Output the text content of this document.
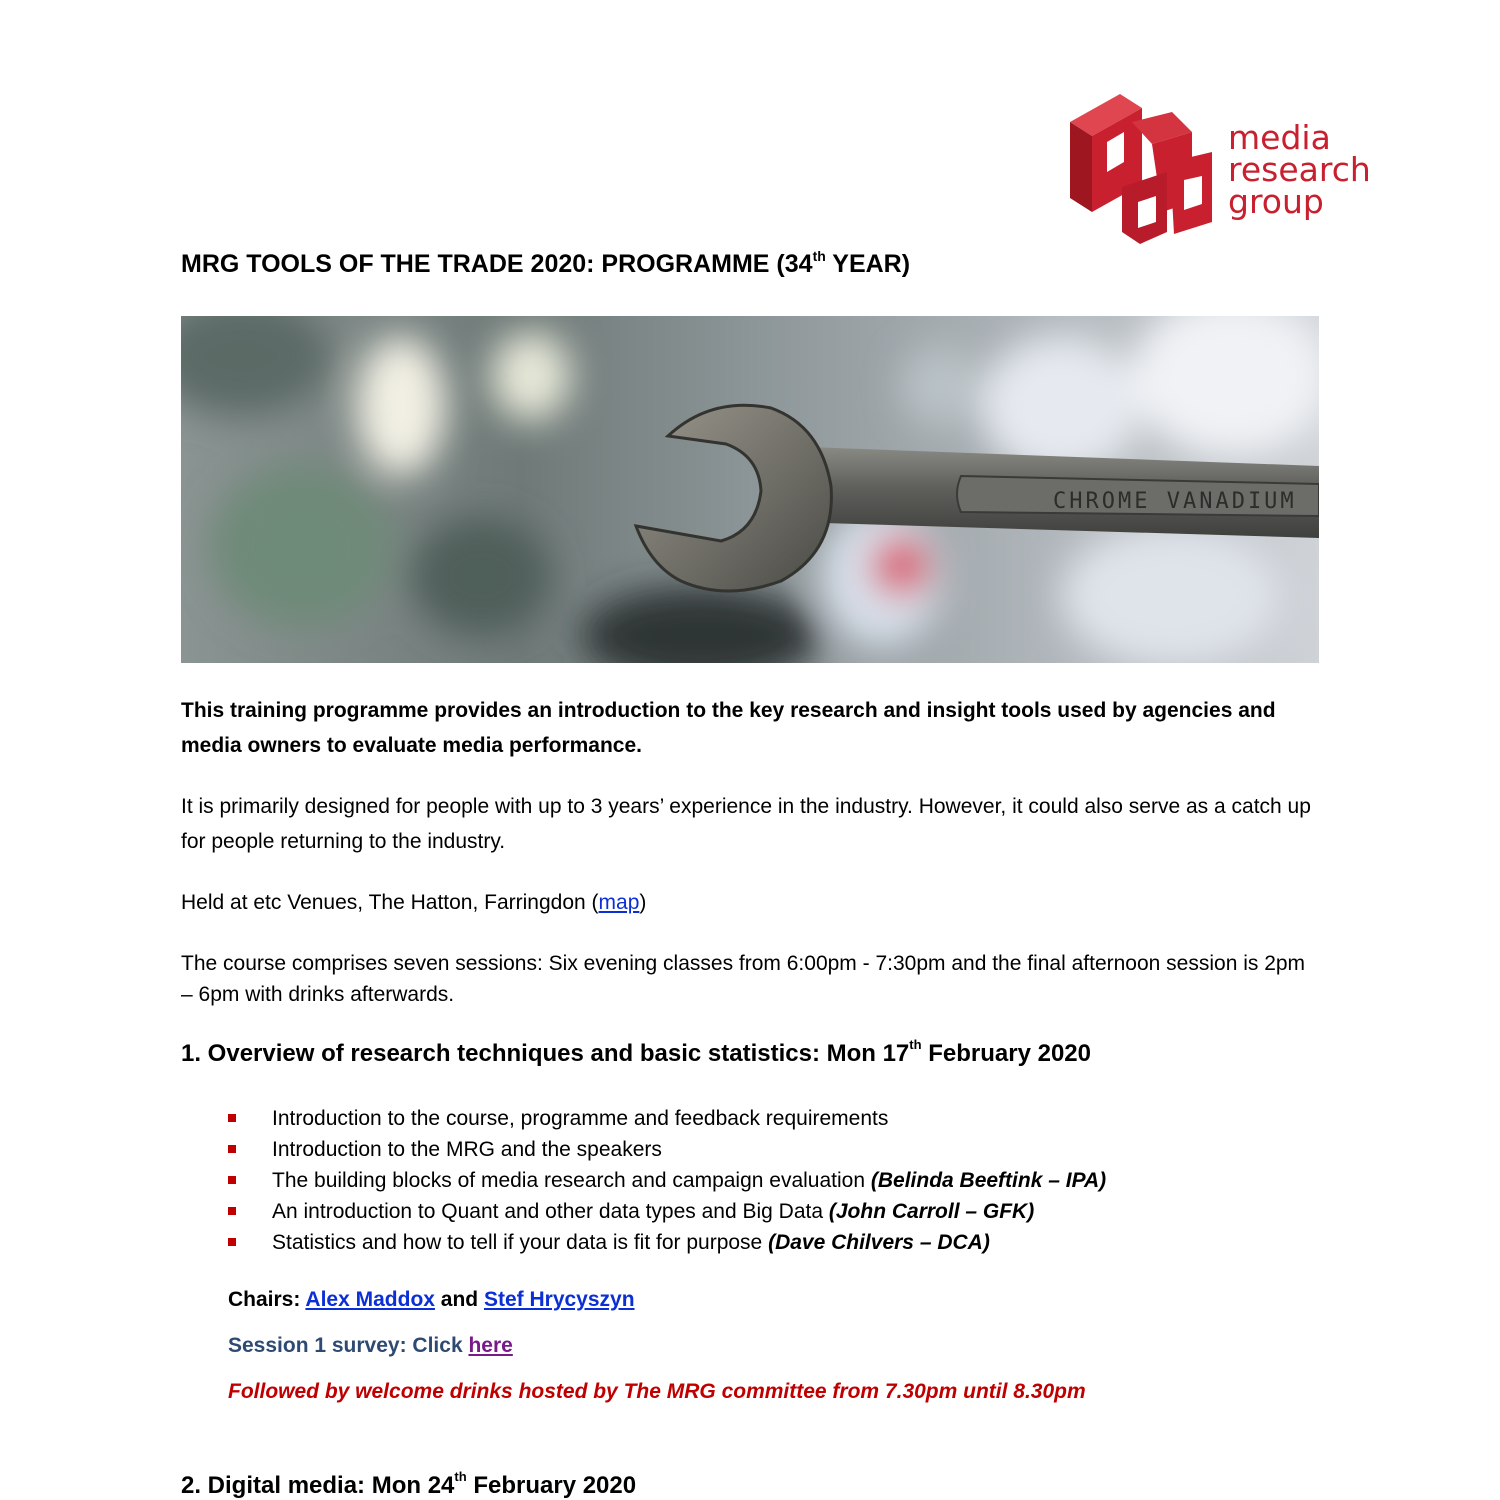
media
research
group
MRG TOOLS OF THE TRADE 2020: PROGRAMME (34th YEAR)
CHROME VANADIUM
This training programme provides an introduction to the key research and insight tools used by agencies and media owners to evaluate media performance.
It is primarily designed for people with up to 3 years’ experience in the industry. However, it could also serve as a catch up for people returning to the industry.
Held at etc Venues, The Hatton, Farringdon (map)
The course comprises seven sessions: Six evening classes from 6:00pm - 7:30pm and the final afternoon session is 2pm – 6pm with drinks afterwards.
1. Overview of research techniques and basic statistics: Mon 17th February 2020
Introduction to the course, programme and feedback requirements
Introduction to the MRG and the speakers
The building blocks of media research and campaign evaluation (Belinda Beeftink – IPA)
An introduction to Quant and other data types and Big Data (John Carroll – GFK)
Statistics and how to tell if your data is fit for purpose (Dave Chilvers – DCA)
Chairs: Alex Maddox and Stef Hrycyszyn
Session 1 survey: Click here
Followed by welcome drinks hosted by The MRG committee from 7.30pm until 8.30pm
2. Digital media: Mon 24th February 2020
